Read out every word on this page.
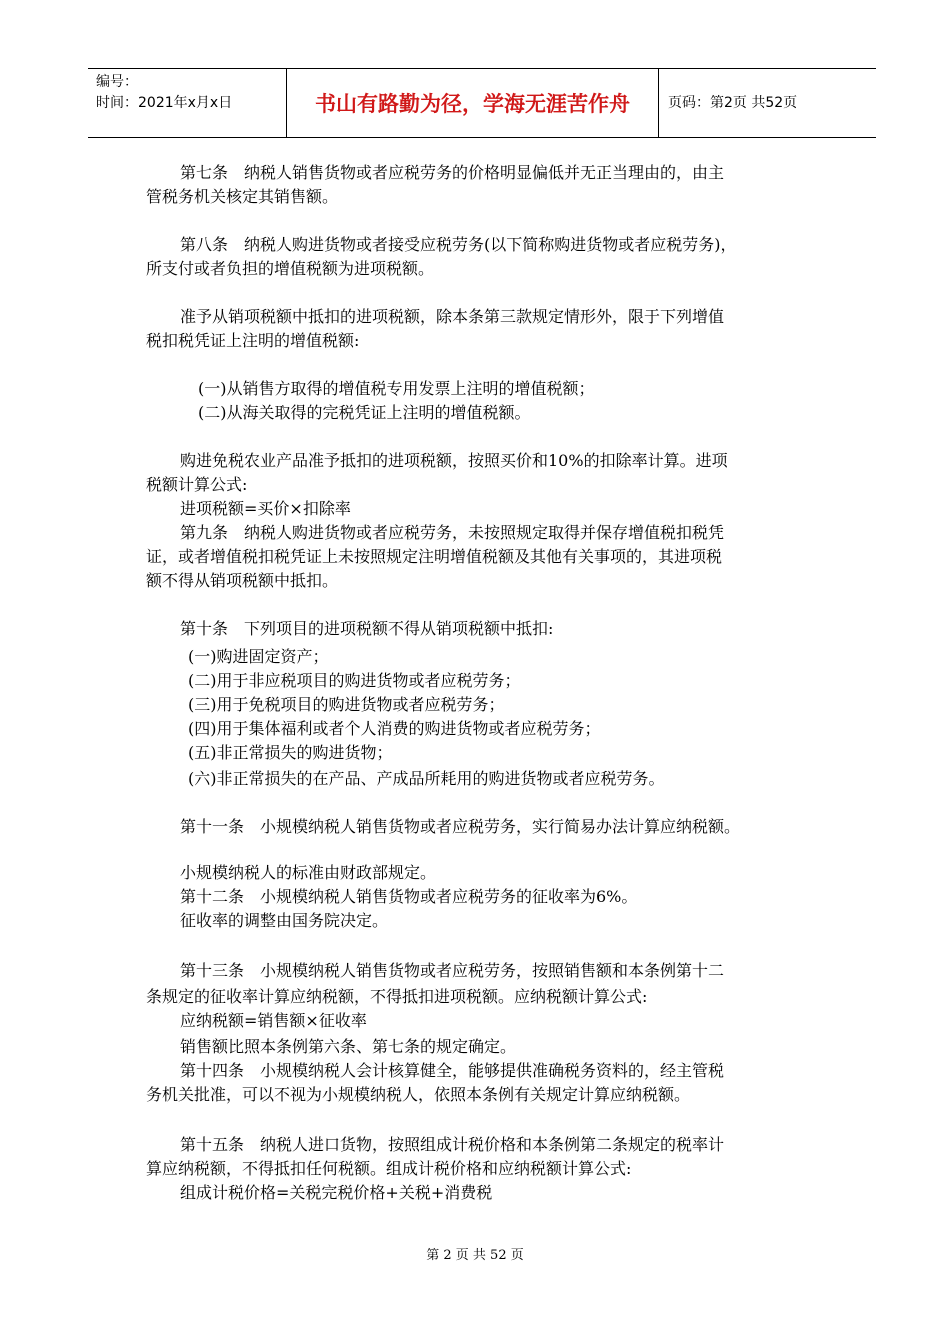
编号：
时间：2021年x月x日	书山有路勤为径，学海无涯苦作舟	页码：第2页 共52页
第七条　纳税人销售货物或者应税劳务的价格明显偏低并无正当理由的，由主
管税务机关核定其销售额。
第八条　纳税人购进货物或者接受应税劳务(以下简称购进货物或者应税劳务)，
所支付或者负担的增值税额为进项税额。
准予从销项税额中抵扣的进项税额，除本条第三款规定情形外，限于下列增值
税扣税凭证上注明的增值税额:
(一)从销售方取得的增值税专用发票上注明的增值税额；
(二)从海关取得的完税凭证上注明的增值税额。
购进免税农业产品准予抵扣的进项税额，按照买价和10%的扣除率计算。进项
税额计算公式:
进项税额=买价×扣除率
第九条　纳税人购进货物或者应税劳务，未按照规定取得并保存增值税扣税凭
证，或者增值税扣税凭证上未按照规定注明增值税额及其他有关事项的，其进项税
额不得从销项税额中抵扣。
第十条　下列项目的进项税额不得从销项税额中抵扣:
(一)购进固定资产；
(二)用于非应税项目的购进货物或者应税劳务；
(三)用于免税项目的购进货物或者应税劳务；
(四)用于集体福利或者个人消费的购进货物或者应税劳务；
(五)非正常损失的购进货物；
(六)非正常损失的在产品、产成品所耗用的购进货物或者应税劳务。
第十一条　小规模纳税人销售货物或者应税劳务，实行简易办法计算应纳税额。
小规模纳税人的标准由财政部规定。
第十二条　小规模纳税人销售货物或者应税劳务的征收率为6%。
征收率的调整由国务院决定。
第十三条　小规模纳税人销售货物或者应税劳务，按照销售额和本条例第十二
条规定的征收率计算应纳税额，不得抵扣进项税额。应纳税额计算公式:
应纳税额=销售额×征收率
销售额比照本条例第六条、第七条的规定确定。
第十四条　小规模纳税人会计核算健全，能够提供准确税务资料的，经主管税
务机关批准，可以不视为小规模纳税人，依照本条例有关规定计算应纳税额。
第十五条　纳税人进口货物，按照组成计税价格和本条例第二条规定的税率计
算应纳税额，不得抵扣任何税额。组成计税价格和应纳税额计算公式:
组成计税价格=关税完税价格+关税+消费税
第 2 页 共 52 页
